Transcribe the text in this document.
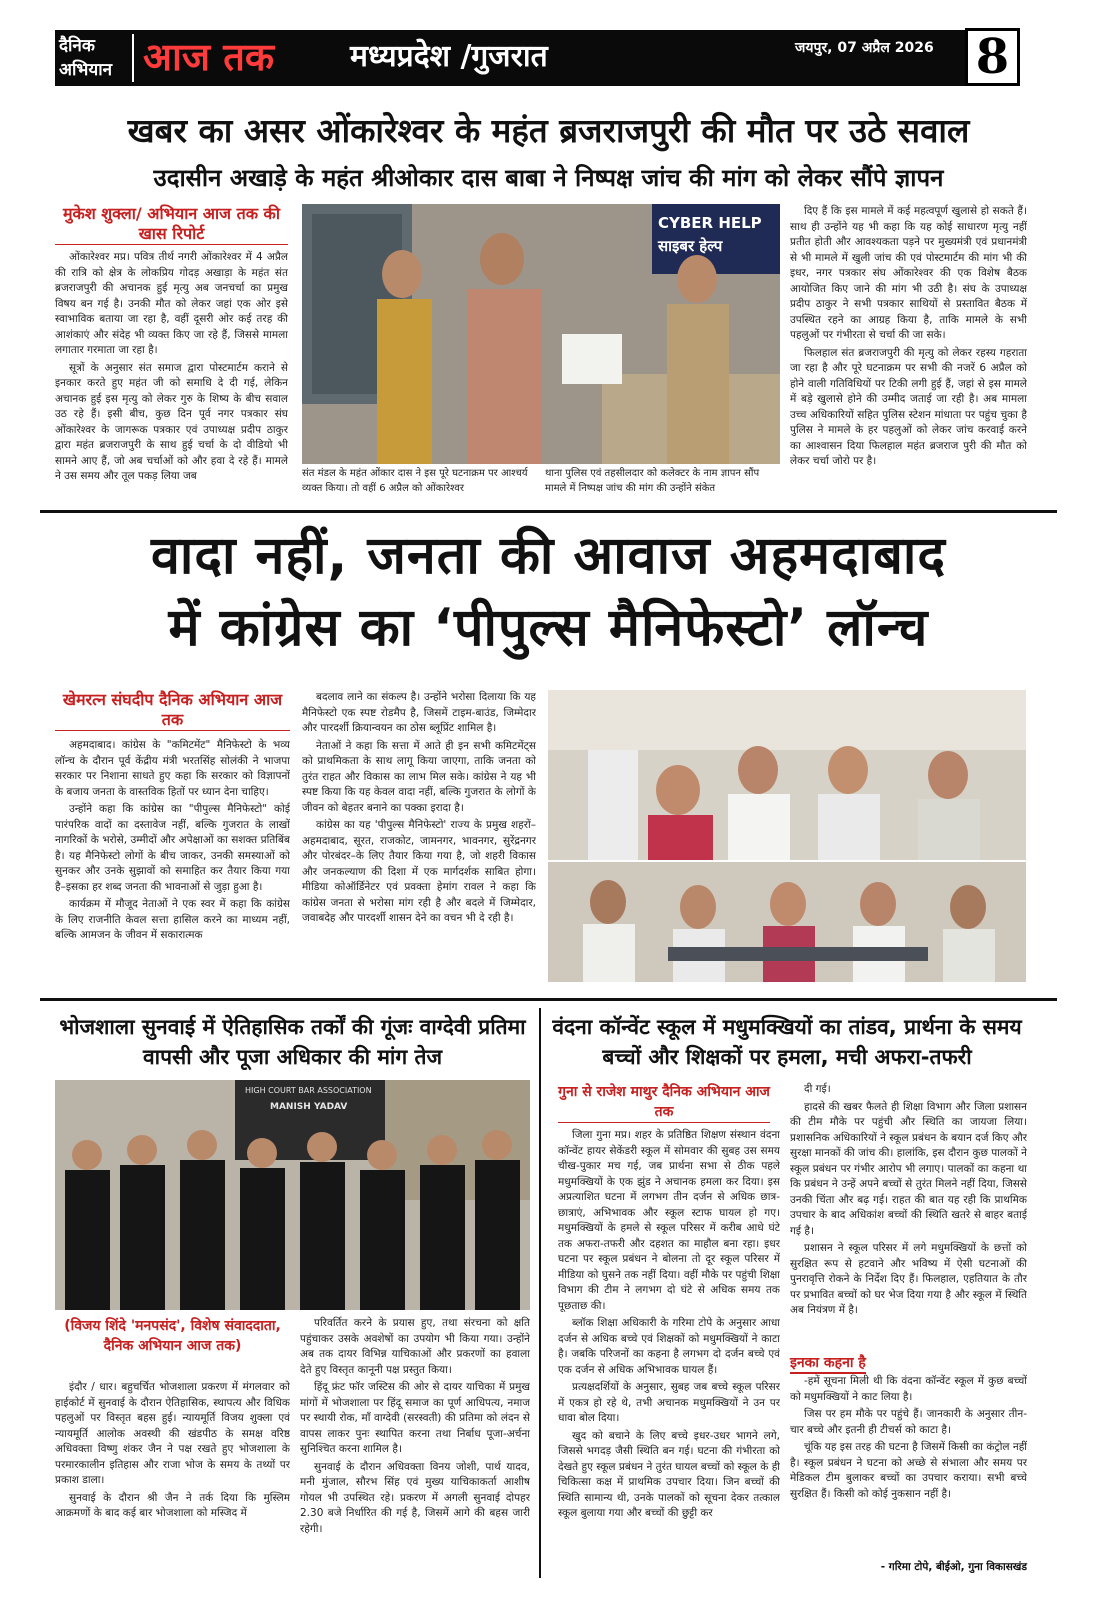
दैनिक
अभियान आज तक	मध्यप्रदेश /गुजरात	जयपुर, 07 अप्रैल 2026 8
खबर का असर ओंकारेश्वर के महंत ब्रजराजपुरी की मौत पर उठे सवाल
उदासीन अखाड़े के महंत श्रीओकार दास बाबा ने निष्पक्ष जांच की मांग को लेकर सौंपे ज्ञापन
मुकेश शुक्ला/ अभियान आज तक की खास रिपोर्ट

ओंकारेश्वर मप्र। पवित्र तीर्थ नगरी ओंकारेश्वर में 4 अप्रैल की रात्रि को क्षेत्र के लोकप्रिय गोदड़ अखाड़ा के महंत संत ब्रजराजपुरी की अचानक हुई मृत्यु अब जनचर्चा का प्रमुख विषय बन गई है। उनकी मौत को लेकर जहां एक ओर इसे स्वाभाविक बताया जा रहा है, वहीं दूसरी ओर कई तरह की आशंकाएं और संदेह भी व्यक्त किए जा रहे हैं, जिससे मामला लगातार गरमाता जा रहा है।

सूत्रों के अनुसार संत समाज द्वारा पोस्टमार्टम कराने से इनकार करते हुए महंत जी को समाधि दे दी गई, लेकिन अचानक हुई इस मृत्यु को लेकर गुरु के शिष्य के बीच सवाल उठ रहे हैं। इसी बीच, कुछ दिन पूर्व नगर पत्रकार संघ ओंकारेश्वर के जागरूक पत्रकार एवं उपाध्यक्ष प्रदीप ठाकुर द्वारा महंत ब्रजराजपुरी के साथ हुई चर्चा के दो वीडियो भी सामने आए हैं, जो अब चर्चाओं को और हवा दे रहे हैं। मामले ने उस समय और तूल पकड़ लिया जब

CYBER HELP
साइबर हेल्प
संत मंडल के महंत ओंकार दास ने इस पूरे घटनाक्रम पर आश्चर्य व्यक्त किया। तो वहीं 6 अप्रैल को ओंकारेश्वर
थाना पुलिस एवं तहसीलदार को कलेक्टर के नाम ज्ञापन सौंप मामले में निष्पक्ष जांच की मांग की उन्होंने संकेत

दिए हैं कि इस मामले में कई महत्वपूर्ण खुलासे हो सकते हैं। साथ ही उन्होंने यह भी कहा कि यह कोई साधारण मृत्यु नहीं प्रतीत होती और आवश्यकता पड़ने पर मुख्यमंत्री एवं प्रधानमंत्री से भी मामले में खुली जांच की एवं पोस्टमार्टम की मांग भी की इधर, नगर पत्रकार संघ ओंकारेश्वर की एक विशेष बैठक आयोजित किए जाने की मांग भी उठी है। संघ के उपाध्यक्ष प्रदीप ठाकुर ने सभी पत्रकार साथियों से प्रस्तावित बैठक में उपस्थित रहने का आग्रह किया है, ताकि मामले के सभी पहलुओं पर गंभीरता से चर्चा की जा सके।

फिलहाल संत ब्रजराजपुरी की मृत्यु को लेकर रहस्य गहराता जा रहा है और पूरे घटनाक्रम पर सभी की नजरें 6 अप्रैल को होने वाली गतिविधियों पर टिकी लगी हुई हैं, जहां से इस मामले में बड़े खुलासे होने की उम्मीद जताई जा रही है। अब मामला उच्च अधिकारियों सहित पुलिस स्टेशन मांधाता पर पहुंच चुका है पुलिस ने मामले के हर पहलुओं को लेकर जांच करवाई करने का आश्वासन दिया फिलहाल महंत ब्रजराज पुरी की मौत को लेकर चर्चा जोरो पर है।

वादा नहीं, जनता की आवाज अहमदाबाद
में कांग्रेस का ‘पीपुल्स मैनिफेस्टो’ लॉन्च
खेमरत्न संघदीप दैनिक अभियान आज तक

अहमदाबाद। कांग्रेस के "कमिटमेंट" मैनिफेस्टो के भव्य लॉन्च के दौरान पूर्व केंद्रीय मंत्री भरतसिंह सोलंकी ने भाजपा सरकार पर निशाना साधते हुए कहा कि सरकार को विज्ञापनों के बजाय जनता के वास्तविक हितों पर ध्यान देना चाहिए।

उन्होंने कहा कि कांग्रेस का "पीपुल्स मैनिफेस्टो" कोई पारंपरिक वादों का दस्तावेज नहीं, बल्कि गुजरात के लाखों नागरिकों के भरोसे, उम्मीदों और अपेक्षाओं का सशक्त प्रतिबिंब है। यह मैनिफेस्टो लोगों के बीच जाकर, उनकी समस्याओं को सुनकर और उनके सुझावों को समाहित कर तैयार किया गया है–इसका हर शब्द जनता की भावनाओं से जुड़ा हुआ है।

कार्यक्रम में मौजूद नेताओं ने एक स्वर में कहा कि कांग्रेस के लिए राजनीति केवल सत्ता हासिल करने का माध्यम नहीं, बल्कि आमजन के जीवन में सकारात्मक

बदलाव लाने का संकल्प है। उन्होंने भरोसा दिलाया कि यह मैनिफेस्टो एक स्पष्ट रोडमैप है, जिसमें टाइम-बाउंड, जिम्मेदार और पारदर्शी क्रियान्वयन का ठोस ब्लूप्रिंट शामिल है।

नेताओं ने कहा कि सत्ता में आते ही इन सभी कमिटमेंट्स को प्राथमिकता के साथ लागू किया जाएगा, ताकि जनता को तुरंत राहत और विकास का लाभ मिल सके। कांग्रेस ने यह भी स्पष्ट किया कि यह केवल वादा नहीं, बल्कि गुजरात के लोगों के जीवन को बेहतर बनाने का पक्का इरादा है।

कांग्रेस का यह 'पीपुल्स मैनिफेस्टो' राज्य के प्रमुख शहरों–अहमदाबाद, सूरत, राजकोट, जामनगर, भावनगर, सुरेंद्रनगर और पोरबंदर–के लिए तैयार किया गया है, जो शहरी विकास और जनकल्याण की दिशा में एक मार्गदर्शक साबित होगा। मीडिया कोऑर्डिनेटर एवं प्रवक्ता हेमांग रावल ने कहा कि कांग्रेस जनता से भरोसा मांग रही है और बदले में जिम्मेदार, जवाबदेह और पारदर्शी शासन देने का वचन भी दे रही है।

भोजशाला सुनवाई में ऐतिहासिक तर्कों की गूंजः वाग्देवी प्रतिमा वापसी और पूजा अधिकार की मांग तेज
HIGH COURT BAR ASSOCIATION
MANISH YADAV
(विजय शिंदे 'मनपसंद', विशेष संवाददाता, दैनिक अभियान आज तक)

इंदौर / धार। बहुचर्चित भोजशाला प्रकरण में मंगलवार को हाईकोर्ट में सुनवाई के दौरान ऐतिहासिक, स्थापत्य और विधिक पहलुओं पर विस्तृत बहस हुई। न्यायमूर्ति विजय शुक्ला एवं न्यायमूर्ति आलोक अवस्थी की खंडपीठ के समक्ष वरिष्ठ अधिवक्ता विष्णु शंकर जैन ने पक्ष रखते हुए भोजशाला के परमारकालीन इतिहास और राजा भोज के समय के तथ्यों पर प्रकाश डाला।

सुनवाई के दौरान श्री जैन ने तर्क दिया कि मुस्लिम आक्रमणों के बाद कई बार भोजशाला को मस्जिद में

परिवर्तित करने के प्रयास हुए, तथा संरचना को क्षति पहुंचाकर उसके अवशेषों का उपयोग भी किया गया। उन्होंने अब तक दायर विभिन्न याचिकाओं और प्रकरणों का हवाला देते हुए विस्तृत कानूनी पक्ष प्रस्तुत किया।

हिंदू फ्रंट फॉर जस्टिस की ओर से दायर याचिका में प्रमुख मांगों में भोजशाला पर हिंदू समाज का पूर्ण आधिपत्य, नमाज पर स्थायी रोक, माँ वाग्देवी (सरस्वती) की प्रतिमा को लंदन से वापस लाकर पुनः स्थापित करना तथा निर्बाध पूजा-अर्चना सुनिश्चित करना शामिल है।

सुनवाई के दौरान अधिवक्ता विनय जोशी, पार्थ यादव, मनी मुंजाल, सौरभ सिंह एवं मुख्य याचिकाकर्ता आशीष गोयल भी उपस्थित रहे। प्रकरण में अगली सुनवाई दोपहर 2.30 बजे निर्धारित की गई है, जिसमें आगे की बहस जारी रहेगी।

वंदना कॉन्वेंट स्कूल में मधुमक्खियों का तांडव, प्रार्थना के समय बच्चों और शिक्षकों पर हमला, मची अफरा-तफरी
गुना से राजेश माथुर दैनिक अभियान आज तक

जिला गुना मप्र। शहर के प्रतिष्ठित शिक्षण संस्थान वंदना कॉन्वेंट हायर सेकेंडरी स्कूल में सोमवार की सुबह उस समय चीख-पुकार मच गई, जब प्रार्थना सभा से ठीक पहले मधुमक्खियों के एक झुंड ने अचानक हमला कर दिया। इस अप्रत्याशित घटना में लगभग तीन दर्जन से अधिक छात्र-छात्राएं, अभिभावक और स्कूल स्टाफ घायल हो गए। मधुमक्खियों के हमले से स्कूल परिसर में करीब आधे घंटे तक अफरा-तफरी और दहशत का माहौल बना रहा। इधर घटना पर स्कूल प्रबंधन ने बोलना तो दूर स्कूल परिसर में मीडिया को घुसने तक नहीं दिया। वहीं मौके पर पहुंची शिक्षा विभाग की टीम ने लगभग दो घंटे से अधिक समय तक पूछताछ की।

ब्लॉक शिक्षा अधिकारी के गरिमा टोपे के अनुसार आधा दर्जन से अधिक बच्चे एवं शिक्षकों को मधुमक्खियों ने काटा है। जबकि परिजनों का कहना है लगभग दो दर्जन बच्चे एवं एक दर्जन से अधिक अभिभावक घायल हैं।

प्रत्यक्षदर्शियों के अनुसार, सुबह जब बच्चे स्कूल परिसर में एकत्र हो रहे थे, तभी अचानक मधुमक्खियों ने उन पर धावा बोल दिया।

खुद को बचाने के लिए बच्चे इधर-उधर भागने लगे, जिससे भगदड़ जैसी स्थिति बन गई। घटना की गंभीरता को देखते हुए स्कूल प्रबंधन ने तुरंत घायल बच्चों को स्कूल के ही चिकित्सा कक्ष में प्राथमिक उपचार दिया। जिन बच्चों की स्थिति सामान्य थी, उनके पालकों को सूचना देकर तत्काल स्कूल बुलाया गया और बच्चों की छुट्टी कर

दी गई।

हादसे की खबर फैलते ही शिक्षा विभाग और जिला प्रशासन की टीम मौके पर पहुंची और स्थिति का जायजा लिया। प्रशासनिक अधिकारियों ने स्कूल प्रबंधन के बयान दर्ज किए और सुरक्षा मानकों की जांच की। हालांकि, इस दौरान कुछ पालकों ने स्कूल प्रबंधन पर गंभीर आरोप भी लगाए। पालकों का कहना था कि प्रबंधन ने उन्हें अपने बच्चों से तुरंत मिलने नहीं दिया, जिससे उनकी चिंता और बढ़ गई। राहत की बात यह रही कि प्राथमिक उपचार के बाद अधिकांश बच्चों की स्थिति खतरे से बाहर बताई गई है।

प्रशासन ने स्कूल परिसर में लगे मधुमक्खियों के छत्तों को सुरक्षित रूप से हटवाने और भविष्य में ऐसी घटनाओं की पुनरावृत्ति रोकने के निर्देश दिए हैं। फिलहाल, एहतियात के तौर पर प्रभावित बच्चों को घर भेज दिया गया है और स्कूल में स्थिति अब नियंत्रण में है।

इनका कहना है

-हमें सूचना मिली थी कि वंदना कॉन्वेंट स्कूल में कुछ बच्चों को मधुमक्खियों ने काट लिया है।

जिस पर हम मौके पर पहुंचे हैं। जानकारी के अनुसार तीन-चार बच्चे और इतनी ही टीचर्स को काटा है।

चूंकि यह इस तरह की घटना है जिसमें किसी का कंट्रोल नहीं है। स्कूल प्रबंधन ने घटना को अच्छे से संभाला और समय पर मेडिकल टीम बुलाकर बच्चों का उपचार कराया। सभी बच्चे सुरक्षित हैं। किसी को कोई नुकसान नहीं है।

- गरिमा टोपे, बीईओ, गुना विकासखंड
